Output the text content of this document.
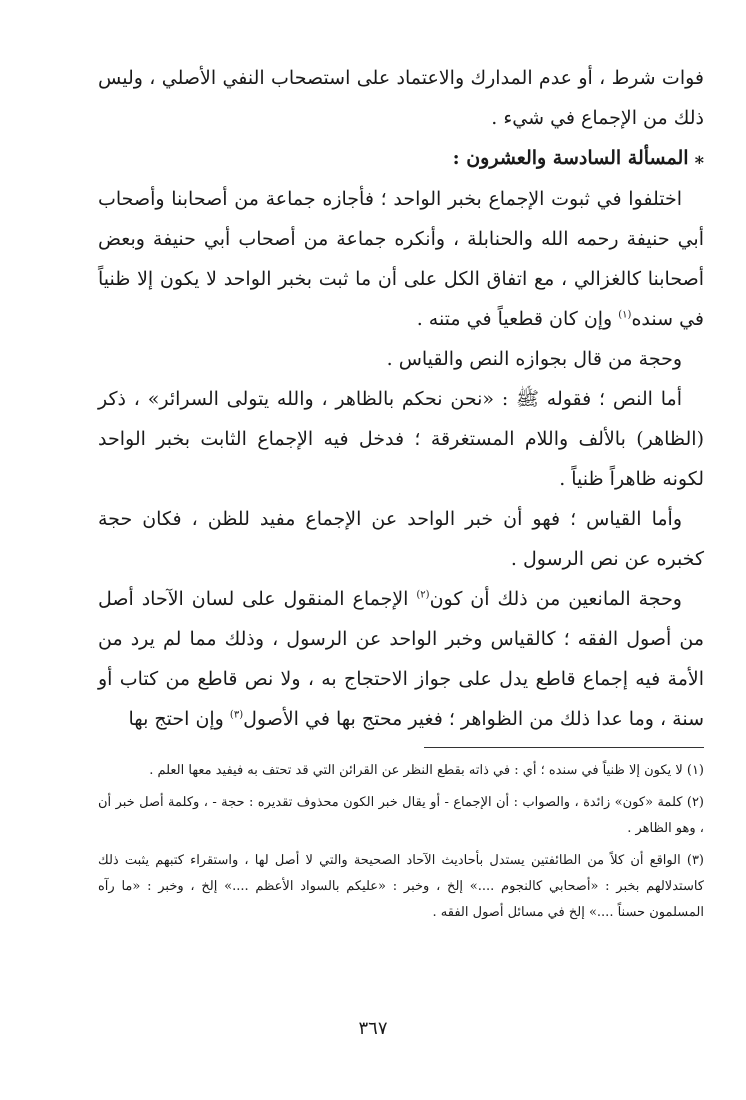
فوات شرط ، أو عدم المدارك والاعتماد على استصحاب النفي الأصلي ، وليس ذلك من الإجماع في شيء .

⁎المسألة السادسة والعشرون :

اختلفوا في ثبوت الإجماع بخبر الواحد ؛ فأجازه جماعة من أصحابنا وأصحاب أبي حنيفة رحمه الله والحنابلة ، وأنكره جماعة من أصحاب أبي حنيفة وبعض أصحابنا كالغزالي ، مع اتفاق الكل على أن ما ثبت بخبر الواحد لا يكون إلا ظنياً في سنده$^{(١)}$ وإن كان قطعياً في متنه .

وحجة من قال بجوازه النص والقياس .

أما النص ؛ فقوله ﷺ : «نحن نحكم بالظاهر ، والله يتولى السرائر» ، ذكر (الظاهر) بالألف واللام المستغرقة ؛ فدخل فيه الإجماع الثابت بخبر الواحد لكونه ظاهراً ظنياً .

وأما القياس ؛ فهو أن خبر الواحد عن الإجماع مفيد للظن ، فكان حجة كخبره عن نص الرسول .

وحجة المانعين من ذلك أن كون$^{(٢)}$ الإجماع المنقول على لسان الآحاد أصل من أصول الفقه ؛ كالقياس وخبر الواحد عن الرسول ، وذلك مما لم يرد من الأمة فيه إجماع قاطع يدل على جواز الاحتجاج به ، ولا نص قاطع من كتاب أو سنة ، وما عدا ذلك من الظواهر ؛ فغير محتج بها في الأصول$^{(٣)}$ وإن احتج بها

(١) لا يكون إلا ظنياً في سنده ؛ أي : في ذاته بقطع النظر عن القرائن التي قد تحتف به فيفيد معها العلم .

(٢) كلمة «كون» زائدة ، والصواب : أن الإجماع - أو يقال خبر الكون محذوف تقديره : حجة - ، وكلمة أصل خبر أن ، وهو الظاهر .

(٣) الواقع أن كلاً من الطائفتين يستدل بأحاديث الآحاد الصحيحة والتي لا أصل لها ، واستقراء كتبهم يثبت ذلك كاستدلالهم بخبر : «أصحابي كالنجوم ....» إلخ ، وخبر : «عليكم بالسواد الأعظم ....» إلخ ، وخبر : «ما رآه المسلمون حسناً ....» إلخ في مسائل أصول الفقه .

٣٦٧
